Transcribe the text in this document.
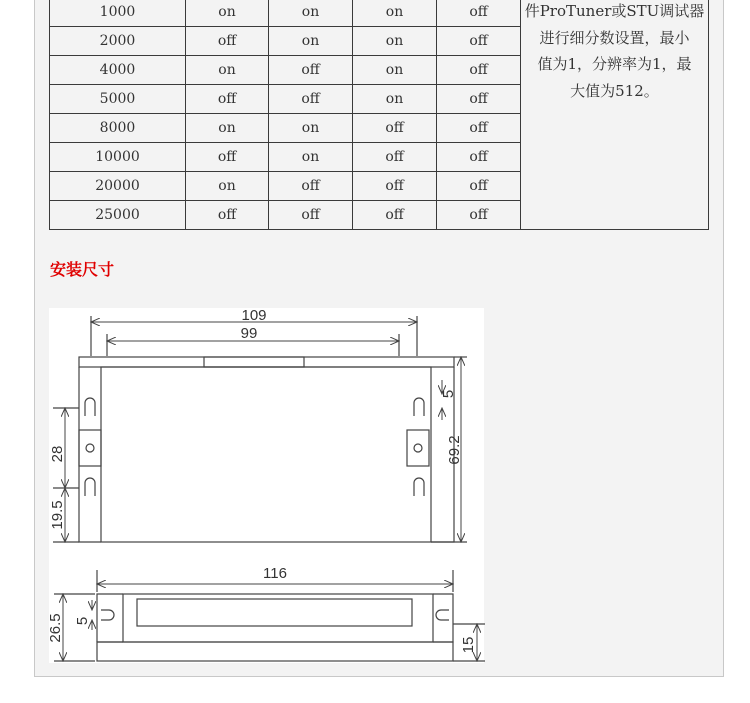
1000	on	on	on	off	件ProTuner或STU调试器
进行细分数设置，最小
值为1，分辨率为1，最
大值为512。

2000	off	on	on	off	
4000	on	off	on	off	
5000	off	off	on	off	
8000	on	on	off	off	
10000	off	on	off	off	
20000	on	off	off	off	
25000	off	off	off	off	
安装尺寸
109
99
5
69.2
28
19.5
116
26.5 5
15
